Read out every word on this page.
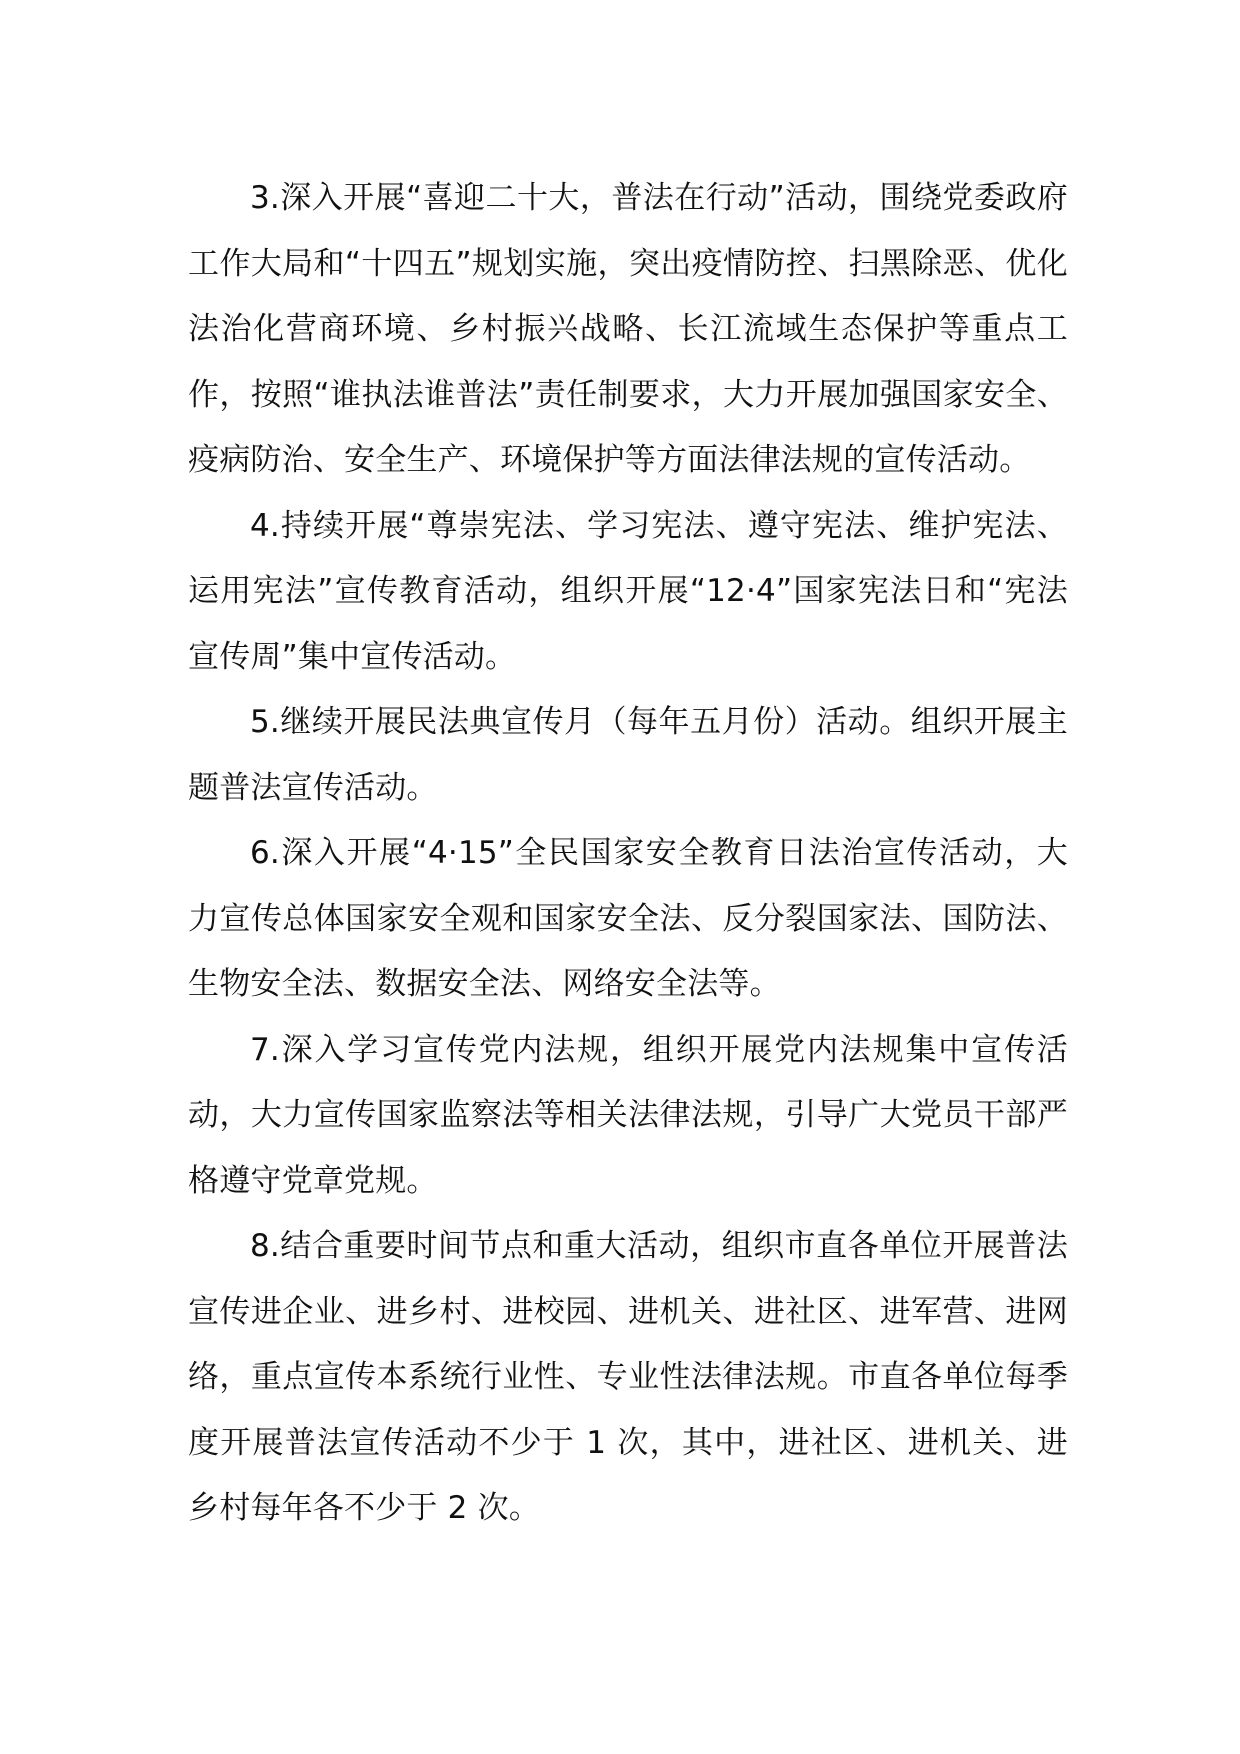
3.深入开展“喜迎二十大，普法在行动”活动，围绕党委政府工作大局和“十四五”规划实施，突出疫情防控、扫黑除恶、优化法治化营商环境、乡村振兴战略、长江流域生态保护等重点工作，按照“谁执法谁普法”责任制要求，大力开展加强国家安全、疫病防治、安全生产、环境保护等方面法律法规的宣传活动。

4.持续开展“尊崇宪法、学习宪法、遵守宪法、维护宪法、运用宪法”宣传教育活动，组织开展“12·4”国家宪法日和“宪法宣传周”集中宣传活动。

5.继续开展民法典宣传月（每年五月份）活动。组织开展主题普法宣传活动。

6.深入开展“4·15”全民国家安全教育日法治宣传活动，大力宣传总体国家安全观和国家安全法、反分裂国家法、国防法、生物安全法、数据安全法、网络安全法等。

7.深入学习宣传党内法规，组织开展党内法规集中宣传活动，大力宣传国家监察法等相关法律法规，引导广大党员干部严格遵守党章党规。

8.结合重要时间节点和重大活动，组织市直各单位开展普法宣传进企业、进乡村、进校园、进机关、进社区、进军营、进网络，重点宣传本系统行业性、专业性法律法规。市直各单位每季度开展普法宣传活动不少于 1 次，其中，进社区、进机关、进乡村每年各不少于 2 次。
